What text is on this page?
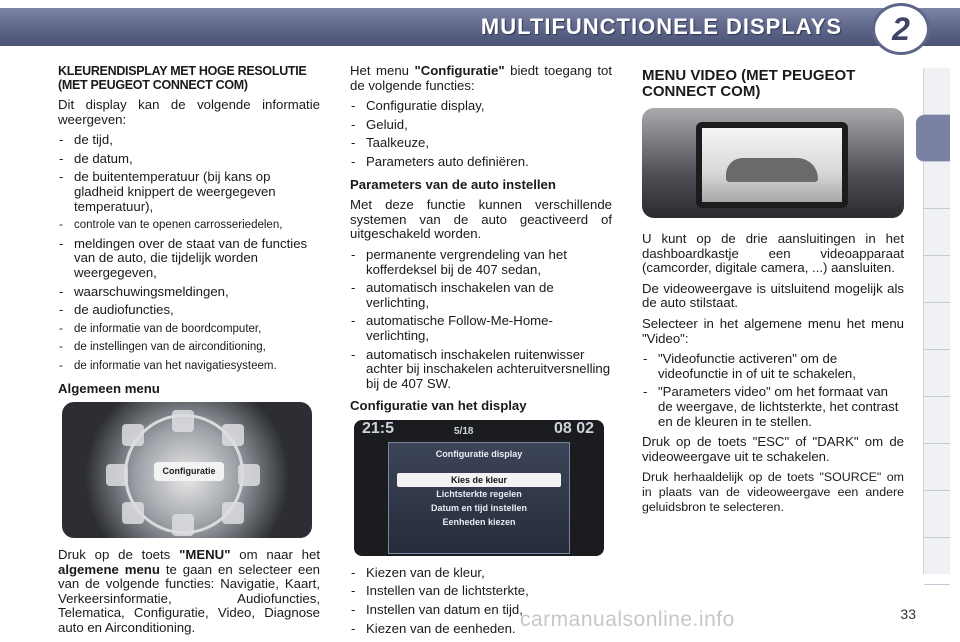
MULTIFUNCTIONELE DISPLAYS	2
KLEURENDISPLAY MET HOGE RESOLUTIE
(MET PEUGEOT CONNECT COM)

Dit display kan de volgende informatie weergeven:

- de tijd,
- de datum,
- de buitentemperatuur (bij kans op gladheid knippert de weergegeven temperatuur),
- controle van te openen carrosseriedelen,
- meldingen over de staat van de functies van de auto, die tijdelijk worden weergegeven,
- waarschuwingsmeldingen,
- de audiofuncties,
- de informatie van de boordcomputer,
- de instellingen van de airconditioning,
- de informatie van het navigatiesysteem.
Algemeen menu
Configuratie

Druk op de toets "MENU" om naar het algemene menu te gaan en selecteer een van de volgende functies: Navigatie, Kaart, Verkeersinformatie, Audiofuncties, Telematica, Configuratie, Video, Diagnose auto en Airconditioning.

Het menu "Configuratie" biedt toegang tot de volgende functies:

- Configuratie display,
- Geluid,
- Taalkeuze,
- Parameters auto definiëren.
Parameters van de auto instellen

Met deze functie kunnen verschillende systemen van de auto geactiveerd of uitgeschakeld worden.

- permanente vergrendeling van het kofferdeksel bij de 407 sedan,
- automatisch inschakelen van de verlichting,
- automatische Follow-Me-Home-verlichting,
- automatisch inschakelen ruitenwisser achter bij inschakelen achteruitversnelling bij de 407 SW.
Configuratie van het display
21:5	5/18	08 02
Configuratie display
Kies de kleur
Lichtsterkte regelen
Datum en tijd instellen
Eenheden kiezen
- Kiezen van de kleur,
- Instellen van de lichtsterkte,
- Instellen van datum en tijd,
- Kiezen van de eenheden.
MENU VIDEO (MET PEUGEOT CONNECT COM)

U kunt op de drie aansluitingen in het dashboardkastje een videoapparaat (camcorder, digitale camera, ...) aansluiten.

De videoweergave is uitsluitend mogelijk als de auto stilstaat.

Selecteer in het algemene menu het menu "Video":

- "Videofunctie activeren" om de videofunctie in of uit te schakelen,
- "Parameters video" om het formaat van de weergave, de lichtsterkte, het contrast en de kleuren in te stellen.

Druk op de toets "ESC" of "DARK" om de videoweergave uit te schakelen.

Druk herhaaldelijk op de toets "SOURCE" om in plaats van de videoweergave een andere geluidsbron te selecteren.

33
carmanualsonline.info
